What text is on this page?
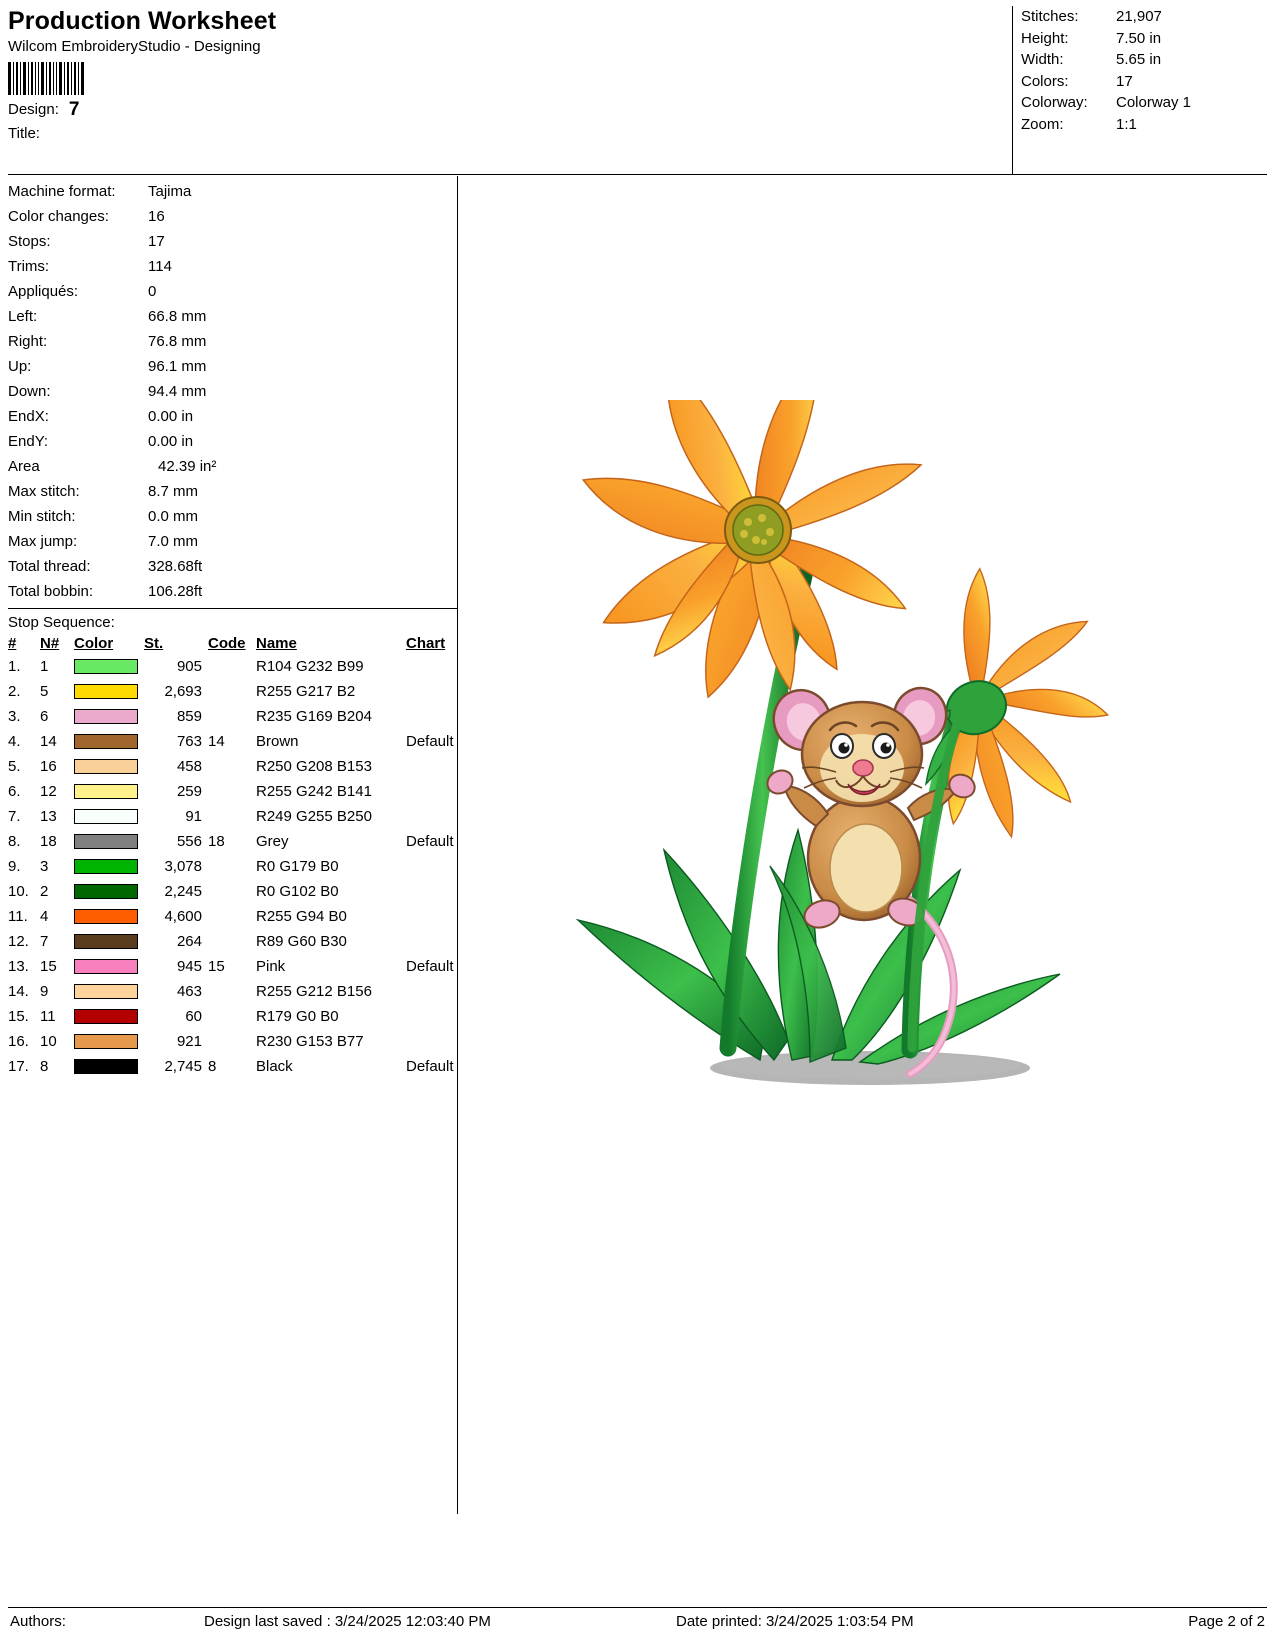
Production Worksheet
Wilcom EmbroideryStudio - Designing
Design: 7
Title:
Stitches: 21,907
Height:	7.50 in
Width:	5.65 in
Colors:	17
Colorway: Colorway 1
Zoom:	1:1
Machine format: Tajima
Color changes:	16
Stops:	17
Trims:	114
Appliqués:	0
Left:	66.8 mm
Right:	76.8 mm
Up:	96.1 mm
Down:	94.4 mm
EndX:	0.00 in
EndY:	0.00 in
Area	42.39 in²
Max stitch:	8.7 mm
Min stitch:	0.0 mm
Max jump:	7.0 mm
Total thread:	328.68ft
Total bobbin:	106.28ft
Stop Sequence:
#	N#	Color	St.	Code	Name	Chart
1.	1		905		R104 G232 B99	
2.	5		2,693		R255 G217 B2	
3.	6		859		R235 G169 B204	
4.	14		763	14	Brown	Default
5.	16		458		R250 G208 B153	
6.	12		259		R255 G242 B141	
7.	13		91		R249 G255 B250	
8.	18		556	18	Grey	Default
9.	3		3,078		R0 G179 B0	
10.	2		2,245		R0 G102 B0	
11.	4		4,600		R255 G94 B0	
12.	7		264		R89 G60 B30	
13.	15		945	15	Pink	Default
14.	9		463		R255 G212 B156	
15.	11		60		R179 G0 B0	
16.	10		921		R230 G153 B77	
17.	8		2,745	8	Black	Default
Authors:	Design last saved : 3/24/2025 12:03:40 PM	Date printed: 3/24/2025 1:03:54 PM	Page 2 of 2
